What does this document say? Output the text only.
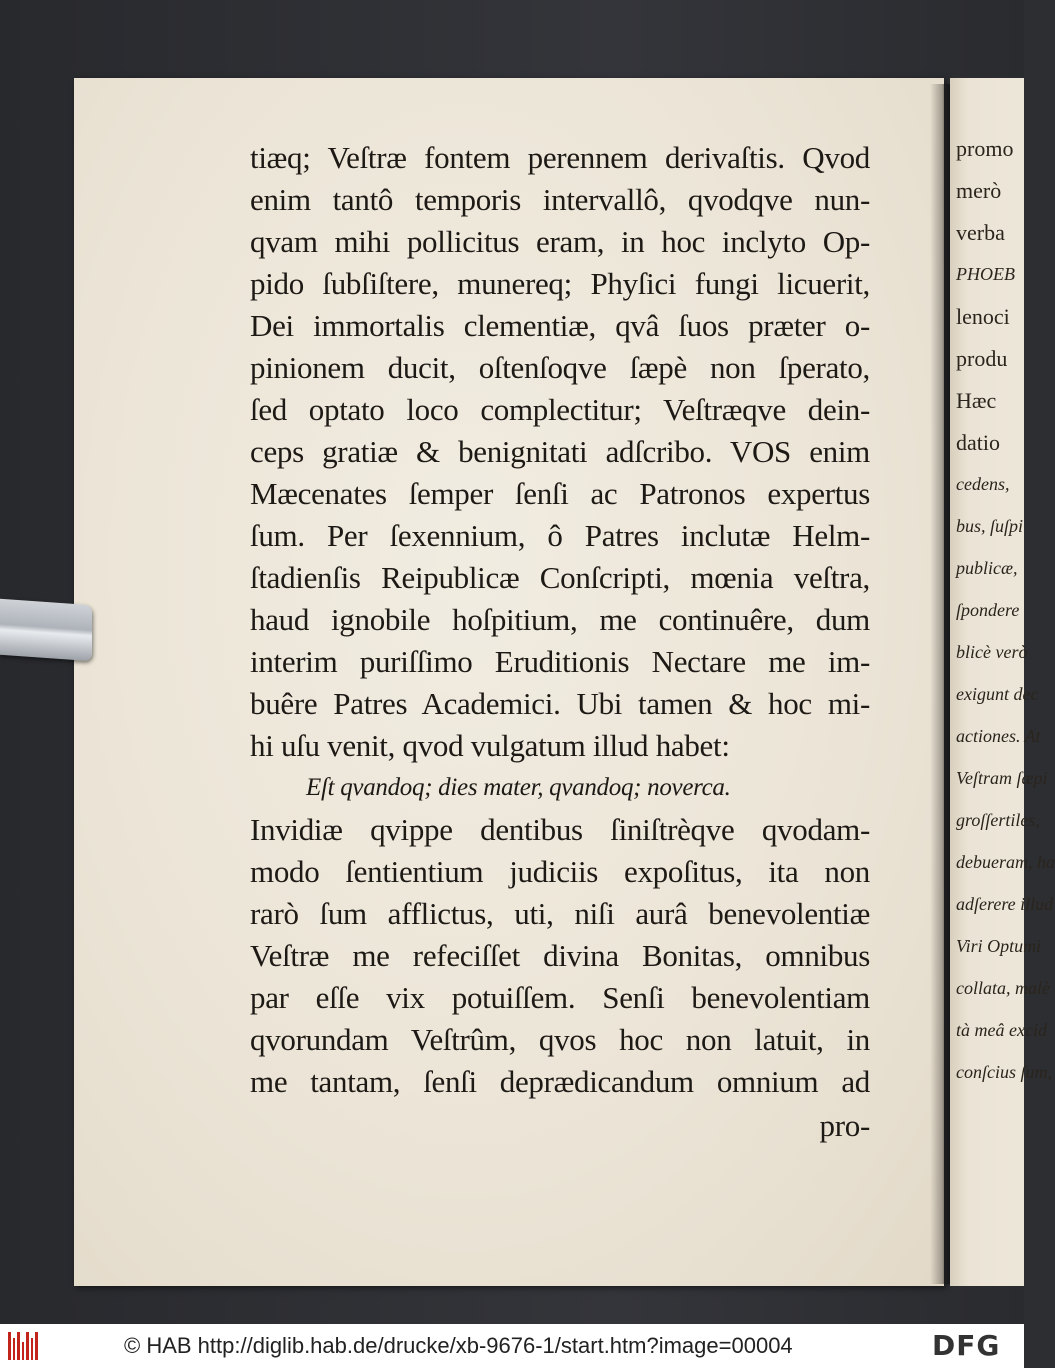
tiæq; Veſtræ fontem perennem derivaſtis. Qvod
enim tantô temporis intervallô, qvodqve nun-
qvam mihi pollicitus eram, in hoc inclyto Op-
pido ſubſiſtere, munereq; Phyſici fungi licuerit,
Dei immortalis clementiæ, qvâ ſuos præter o-
pinionem ducit, oſtenſoqve ſæpè non ſperato,
ſed optato loco complectitur; Veſtræqve dein-
ceps gratiæ & benignitati adſcribo. VOS enim
Mæcenates ſemper ſenſi ac Patronos expertus
ſum. Per ſexennium, ô Patres inclutæ Helm-
ſtadienſis Reipublicæ Conſcripti, mœnia veſtra,
haud ignobile hoſpitium, me continuêre, dum
interim puriſſimo Eruditionis Nectare me im-
buêre Patres Academici. Ubi tamen & hoc mi-
hi uſu venit, qvod vulgatum illud habet:
Eſt qvandoq; dies mater, qvandoq; noverca.
Invidiæ qvippe dentibus ſiniſtrèqve qvodam-
modo ſentientium judiciis expoſitus, ita non
rarò ſum afflictus, uti, niſi aurâ benevolentiæ
Veſtræ me refeciſſet divina Bonitas, omnibus
par eſſe vix potuiſſem. Senſi benevolentiam
qvorundam Veſtrûm, qvos hoc non latuit, in
me tantam, ſenſi deprædicandum omnium ad
pro-
promo
merò
verba
PHOEB
lenoci
produ
Hæc
datio
cedens,
bus, ſuſpi
publicæ,
ſpondere
blicè verò
exigunt dec
actiones. At
Veſtram ſæpi
groſſertiles,
debueram, ha
adſerere illud
Viri Optumi
collata, malè
tà meâ excid
conſcius ſum,
© HAB http://diglib.hab.de/drucke/xb-9676-1/start.htm?image=00004	DFG
